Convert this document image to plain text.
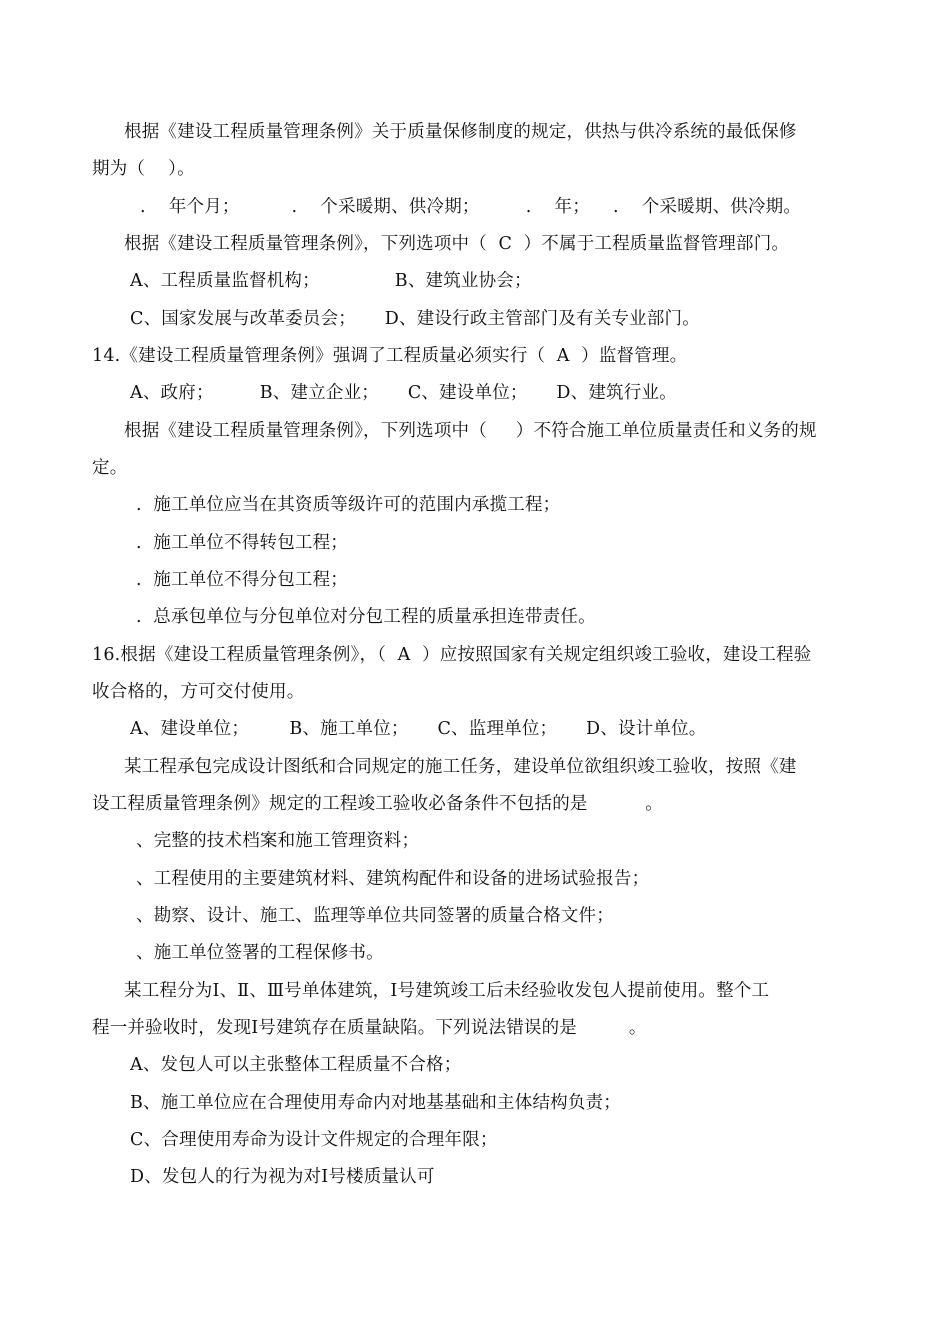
根据《建设工程质量管理条例》关于质量保修制度的规定，供热与供冷系统的最低保修
期为（    ）。
.    年个月；         .    个采暖期、供冷期；        .    年；    .    个采暖期、供冷期。
根据《建设工程质量管理条例》，下列选项中（  C  ）不属于工程质量监督管理部门。
A、工程质量监督机构；             B、建筑业协会；
C、国家发展与改革委员会；     D、建设行政主管部门及有关专业部门。
14.《建设工程质量管理条例》强调了工程质量必须实行（  A  ）监督管理。
A、政府；        B、建立企业；     C、建设单位；     D、建筑行业。
根据《建设工程质量管理条例》，下列选项中（     ）不符合施工单位质量责任和义务的规
定。
.  施工单位应当在其资质等级许可的范围内承揽工程；
.  施工单位不得转包工程；
.  施工单位不得分包工程；
.  总承包单位与分包单位对分包工程的质量承担连带责任。
16.根据《建设工程质量管理条例》，（  A  ）应按照国家有关规定组织竣工验收，建设工程验
收合格的，方可交付使用。
A、建设单位；       B、施工单位；     C、监理单位；     D、设计单位。
某工程承包完成设计图纸和合同规定的施工任务，建设单位欲组织竣工验收，按照《建
设工程质量管理条例》规定的工程竣工验收必备条件不包括的是          。
、完整的技术档案和施工管理资料；
、工程使用的主要建筑材料、建筑构配件和设备的进场试验报告；
、勘察、设计、施工、监理等单位共同签署的质量合格文件；
、施工单位签署的工程保修书。
某工程分为Ⅰ、Ⅱ、Ⅲ号单体建筑，Ⅰ号建筑竣工后未经验收发包人提前使用。整个工
程一并验收时，发现Ⅰ号建筑存在质量缺陷。下列说法错误的是         。
A、发包人可以主张整体工程质量不合格；
B、施工单位应在合理使用寿命内对地基基础和主体结构负责；
C、合理使用寿命为设计文件规定的合理年限；
D、发包人的行为视为对Ⅰ号楼质量认可
